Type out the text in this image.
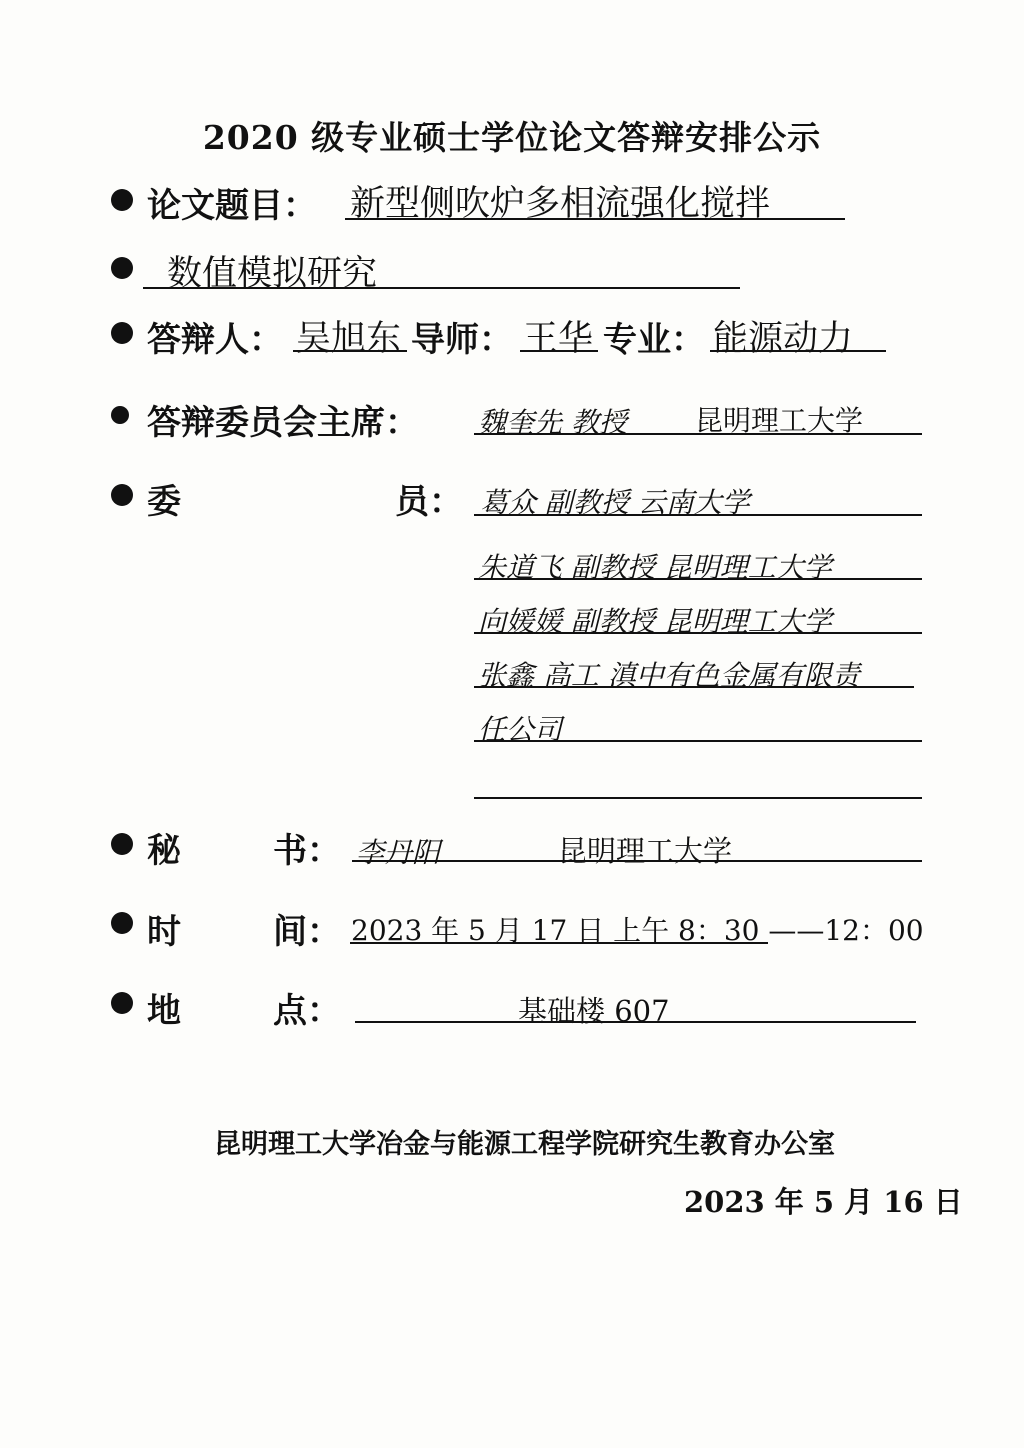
2020 级专业硕士学位论文答辩安排公示
论文题目： 新型侧吹炉多相流强化搅拌
数值模拟研究
答辩人： 吴旭东 导师： 王华 专业： 能源动力
答辩委员会主席： 魏奎先 教授 昆明理工大学
委	员： 葛众 副教授 云南大学
朱道飞 副教授 昆明理工大学
向媛媛 副教授 昆明理工大学
张鑫 高工 滇中有色金属有限责
任公司
秘	书： 李丹阳	昆明理工大学
时	间： 2023 年 5 月 17 日 上午 8：30 ——12：00
地	点：	基础楼 607
昆明理工大学冶金与能源工程学院研究生教育办公室
2023 年 5 月 16 日
